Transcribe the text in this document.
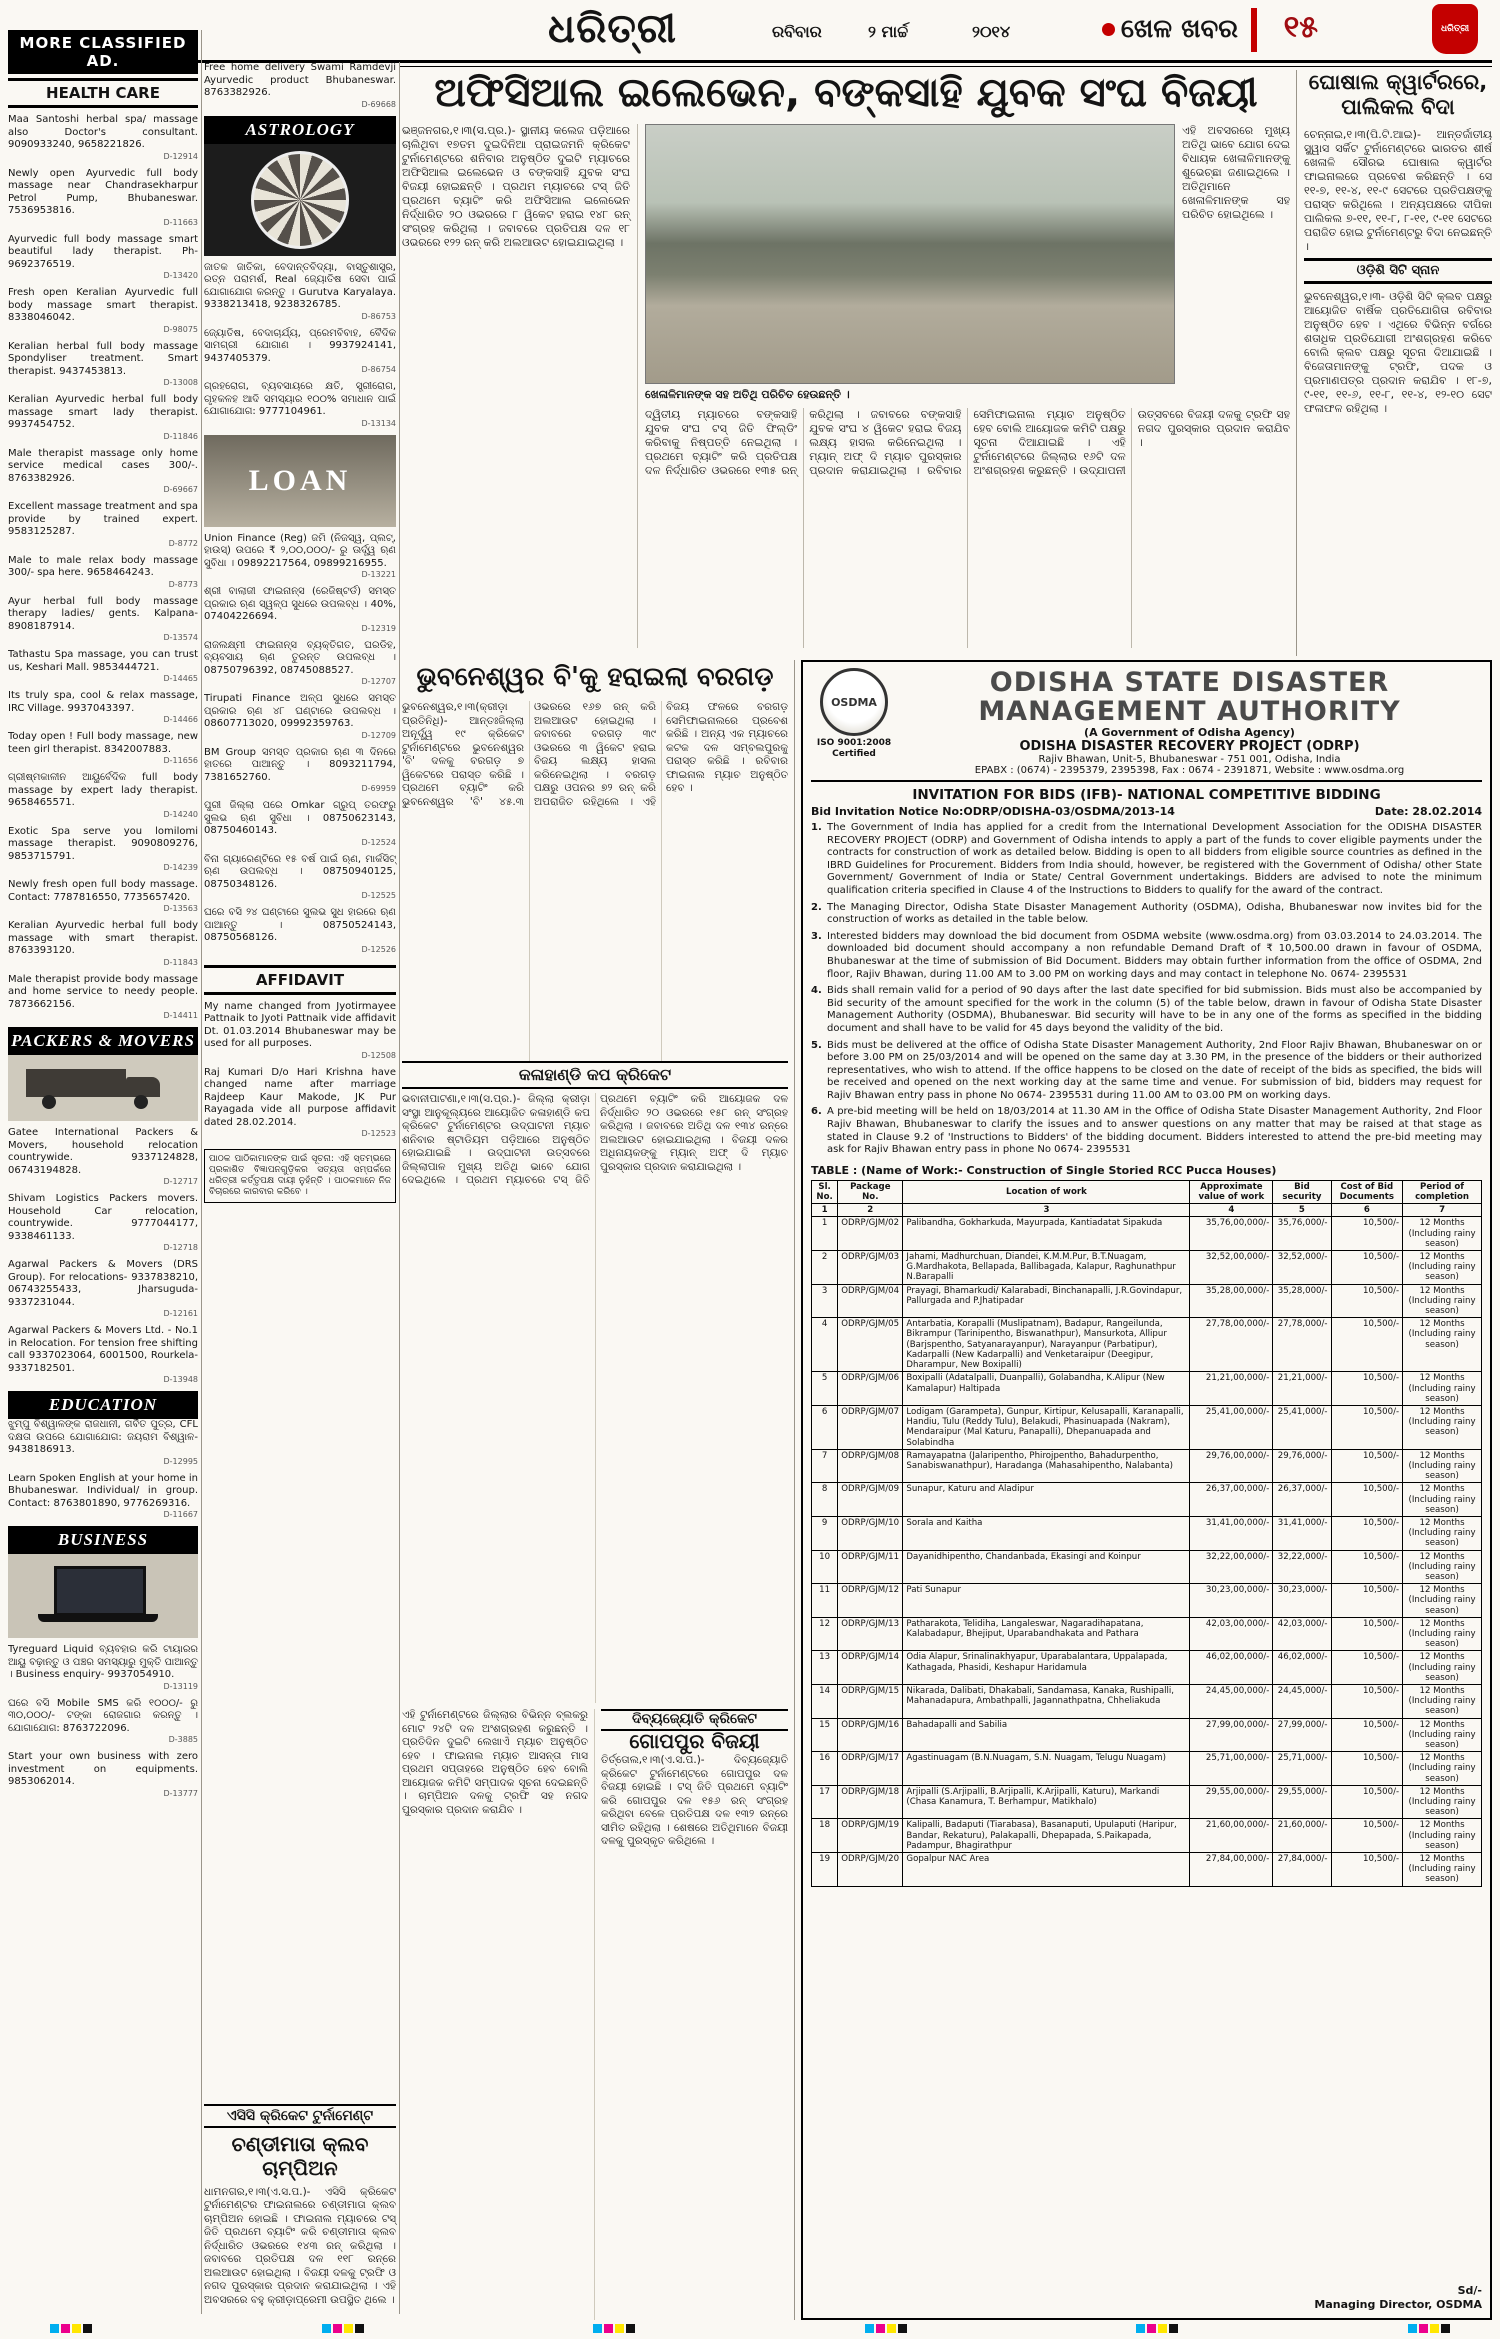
ଧରିତ୍ରୀ	ରବିବାର	୨ ମାର୍ଚ୍ଚ	୨୦୧୪	ଖେଳ ଖବର ୧୫	ଧରିତ୍ରୀ
MORE CLASSIFIED AD.
HEALTH CARE
Maa Santoshi herbal spa/ massage also Doctor's consultant. 9090933240, 9658221826.
D-12914
Newly open Ayurvedic full body massage near Chandrasekharpur Petrol Pump, Bhubaneswar. 7536953816.
D-11663
Ayurvedic full body massage smart beautiful lady therapist. Ph-9692376519.
D-13420
Fresh open Keralian Ayurvedic full body massage smart therapist. 8338046042.
D-98075
Keralian herbal full body massage Spondyliser treatment. Smart therapist. 9437453813.
D-13008
Keralian Ayurvedic herbal full body massage smart lady therapist. 9937454752.
D-11846
Male therapist massage only home service medical cases 300/-. 8763382926.
D-69667
Excellent massage treatment and spa provide by trained expert. 9583125287.
D-8772
Male to male relax body massage 300/- spa here. 9658464243.
D-8773
Ayur herbal full body massage therapy ladies/ gents. Kalpana- 8908187914.
D-13574
Tathastu Spa massage, you can trust us, Keshari Mall. 9853444721.
D-14465
Its truly spa, cool & relax massage, IRC Village. 9937043397.
D-14466
Today open ! Full body massage, new teen girl therapist. 8342007883.
D-11656
ଗ୍ରୀଷ୍ମକାଳୀନ ଆୟୁର୍ବେଦିକ full body massage by expert lady therapist. 9658465571.
D-14240
Exotic Spa serve you lomilomi massage therapist. 9090809276, 9853715791.
D-14239
Newly fresh open full body massage. Contact: 7787816550, 7735657420.
D-13563
Keralian Ayurvedic herbal full body massage with smart therapist. 8763393120.
D-11843
Male therapist provide body massage and home service to needy people. 7873662156.
D-14411
PACKERS & MOVERS
Gatee International Packers & Movers, household relocation countrywide. 9337124828, 06743194828.
D-12717
Shivam Logistics Packers movers. Household Car relocation, countrywide. 9777044177, 9338461133.
D-12718
Agarwal Packers & Movers (DRS Group). For relocations- 9337838210, 06743255433, Jharsuguda- 9337231044.
D-12161
Agarwal Packers & Movers Ltd. - No.1 in Relocation. For tension free shifting call 9337023064, 6001500, Rourkela- 9337182501.
D-13948
EDUCATION
ଝୁମ୍ପୁ ବିଶ୍ୱାଳଙ୍କ ରାଜଧାନୀ, ଗର୍ବିତ ପୁତ୍ର, CFL ଦକ୍ଷତା ଉପରେ ଯୋଗାଯୋଗ: ଜୟରାମ ବିଶ୍ୱାଳ- 9438186913.
D-12995
Learn Spoken English at your home in Bhubaneswar. Individual/ in group. Contact: 8763801890, 9776269316.
D-11667
BUSINESS
Tyreguard Liquid ବ୍ୟବହାର କରି ଟାୟାରର ଆୟୁ ବଢ଼ାନ୍ତୁ ଓ ପଞ୍ଚର ସମସ୍ୟାରୁ ମୁକ୍ତି ପାଆନ୍ତୁ । Business enquiry- 9937054910.
D-13119
ଘରେ ବସି Mobile SMS କରି ୧୦୦୦/- ରୁ ୩୦,୦୦୦/- ଟଙ୍କା ରୋଜଗାର କରନ୍ତୁ । ଯୋଗାଯୋଗ: 8763722096.
D-3885
Start your own business with zero investment on equipments. 9853062014.
D-13777
Free home delivery Swami Ramdevji Ayurvedic product Bhubaneswar. 8763382926.
D-69668
ASTROLOGY
ଜାତକ ଜାତିକା, ବେଦାନ୍ତବିଦ୍ୟା, ବାସ୍ତୁଶାସ୍ତ୍ର, ରତ୍ନ ପରାମର୍ଶ, Real ଜ୍ୟୋତିଷ ସେବା ପାଇଁ ଯୋଗାଯୋଗ କରନ୍ତୁ । Gurutva Karyalaya. 9338213418, 9238326785.
D-86753
ଜ୍ୟୋତିଷ, ବେଦାଚାର୍ଯ୍ୟ, ପ୍ରେମବିବାହ, ବୈଦିକ ସାମଗ୍ରୀ ଯୋଗାଣ । 9937924141, 9437405379.
D-86754
ଗ୍ରହରୋଗ, ବ୍ୟବସାୟରେ କ୍ଷତି, ସ୍ତ୍ରୀରୋଗ, ଗୃହକଳହ ଆଦି ସମସ୍ୟାର ୧୦୦% ସମାଧାନ ପାଇଁ ଯୋଗାଯୋଗ: 9777104961.
D-13134
LOAN
Union Finance (Reg) ଜମି (ନିଜସ୍ୱ, ପ୍ଲଟ୍, ହାଉସ୍) ଉପରେ ₹ ୨,୦୦,୦୦୦/- ରୁ ଊର୍ଦ୍ଧ୍ୱ ଋଣ ସୁବିଧା । 09892217564, 09899216955.
D-13221
ଶ୍ରୀ ବାଲାଜୀ ଫାଇନାନ୍ସ (ରେଜିଷ୍ଟର୍ଡ) ସମସ୍ତ ପ୍ରକାର ଋଣ ସ୍ୱଳ୍ପ ସୁଧରେ ଉପଲବ୍ଧ । 40%, 07404226694.
D-12319
ରାଜଲକ୍ଷ୍ମୀ ଫାଇନାନ୍ସ ବ୍ୟକ୍ତିଗତ, ଘରଡିହ, ବ୍ୟବସାୟ ଋଣ ତୁରନ୍ତ ଉପଲବ୍ଧ । 08750796392, 08745088527.
D-12707
Tirupati Finance ଅଳ୍ପ ସୁଧରେ ସମସ୍ତ ପ୍ରକାର ଋଣ ୪୮ ଘଣ୍ଟାରେ ଉପଲବ୍ଧ । 08607713020, 09992359763.
D-12709
BM Group ସମସ୍ତ ପ୍ରକାର ଋଣ ୩ ଦିନରେ ହାତରେ ପାଆନ୍ତୁ । 8093211794, 7381652760.
D-69959
ପୁରୀ ଜିଲ୍ଲା ପରେ Omkar ଗ୍ରୁପ୍ ତରଫରୁ ସୁଲଭ ଋଣ ସୁବିଧା । 08750623143, 08750460143.
D-12524
ବିନା ଗ୍ୟାରେଣ୍ଟିରେ ୧୫ ବର୍ଷ ପାଇଁ ଋଣ, ମାର୍କସିଟ୍ ଋଣ ଉପଲବ୍ଧ । 08750940125, 08750348126.
D-12525
ଘରେ ବସି ୨୪ ଘଣ୍ଟାରେ ସୁଲଭ ସୁଧ ହାରରେ ଋଣ ପାଆନ୍ତୁ । 08750524143, 08750568126.
D-12526
AFFIDAVIT
My name changed from Jyotirmayee Pattnaik to Jyoti Pattnaik vide affidavit Dt. 01.03.2014 Bhubaneswar may be used for all purposes.
D-12508
Raj Kumari D/o Hari Krishna have changed name after marriage Rajdeep Kaur Makode, JK Pur Rayagada vide all purpose affidavit dated 28.02.2014.
D-12523
ପାଠକ ପାଠିକାମାନଙ୍କ ପାଇଁ ସୂଚନା: ଏହି ସ୍ତମ୍ଭରେ ପ୍ରକାଶିତ ବିଜ୍ଞାପନଗୁଡ଼ିକର ସତ୍ୟତା ସମ୍ପର୍କରେ ଧରିତ୍ରୀ କର୍ତ୍ତୃପକ୍ଷ ଦାୟୀ ନୁହଁନ୍ତି । ପାଠକମାନେ ନିଜ ବିଚାରରେ କାରବାର କରିବେ ।
ଏସିସି କ୍ରିକେଟ ଟୁର୍ନାମେଣ୍ଟ
ଚଣ୍ଡୀମାତା କ୍ଲବ ଚାମ୍ପିଅନ
ଧାମନଗର,୧।୩(ଏ.ସ.ପ.)- ଏସିସି କ୍ରିକେଟ ଟୁର୍ନାମେଣ୍ଟର ଫାଇନାଲରେ ଚଣ୍ଡୀମାତା କ୍ଲବ ଚାମ୍ପିଅନ ହୋଇଛି । ଫାଇନାଲ ମ୍ୟାଚରେ ଟସ୍ ଜିତି ପ୍ରଥମେ ବ୍ୟାଟିଂ କରି ଚଣ୍ଡୀମାତା କ୍ଲବ ନିର୍ଦ୍ଧାରିତ ଓଭରରେ ୧୪୩ ରନ୍ କରିଥିଲା । ଜବାବରେ ପ୍ରତିପକ୍ଷ ଦଳ ୧୧୮ ରନ୍‌ରେ ଅଲଆଉଟ ହୋଇଥିଲା । ବିଜୟୀ ଦଳକୁ ଟ୍ରଫି ଓ ନଗଦ ପୁରସ୍କାର ପ୍ରଦାନ କରାଯାଇଥିଲା । ଏହି ଅବସରରେ ବହୁ କ୍ରୀଡ଼ାପ୍ରେମୀ ଉପସ୍ଥିତ ଥିଲେ ।
ଅଫିସିଆଲ ଇଲେଭେନ, ବଙ୍କସାହି ଯୁବକ ସଂଘ ବିଜୟୀ
ଭଞ୍ଜନଗର,୧।୩(ସ.ପ୍ର.)- ସ୍ଥାନୀୟ କଲେଜ ପଡ଼ିଆରେ ଚାଲିଥିବା ୧୭ତମ ଦୁଇଦିନିଆ ପ୍ରାଇଜମନି କ୍ରିକେଟ ଟୁର୍ନାମେଣ୍ଟରେ ଶନିବାର ଅନୁଷ୍ଠିତ ଦୁଇଟି ମ୍ୟାଚରେ ଅଫିସିଆଲ ଇଲେଭେନ ଓ ବଙ୍କସାହି ଯୁବକ ସଂଘ ବିଜୟୀ ହୋଇଛନ୍ତି । ପ୍ରଥମ ମ୍ୟାଚରେ ଟସ୍ ଜିତି ପ୍ରଥମେ ବ୍ୟାଟିଂ କରି ଅଫିସିଆଲ ଇଲେଭେନ ନିର୍ଦ୍ଧାରିତ ୨୦ ଓଭରରେ ୮ ୱିକେଟ ହରାଇ ୧୪୮ ରନ୍ ସଂଗ୍ରହ କରିଥିଲା । ଜବାବରେ ପ୍ରତିପକ୍ଷ ଦଳ ୧୮ ଓଭରରେ ୧୨୨ ରନ୍ କରି ଅଲଆଉଟ ହୋଇଯାଇଥିଲା ।
ଏହି ଅବସରରେ ମୁଖ୍ୟ ଅତିଥି ଭାବେ ଯୋଗ ଦେଇ ବିଧାୟକ ଖେଳାଳିମାନଙ୍କୁ ଶୁଭେଚ୍ଛା ଜଣାଇଥିଲେ । ଅତିଥିମାନେ ଖେଳାଳିମାନଙ୍କ ସହ ପରିଚିତ ହୋଇଥିଲେ ।
ଖେଳାଳିମାନଙ୍କ ସହ ଅତିଥି ପରିଚିତ ହେଉଛନ୍ତି ।
ଦ୍ୱିତୀୟ ମ୍ୟାଚରେ ବଙ୍କସାହି ଯୁବକ ସଂଘ ଟସ୍ ଜିତି ଫିଲ୍ଡିଂ କରିବାକୁ ନିଷ୍ପତ୍ତି ନେଇଥିଲା । ପ୍ରଥମେ ବ୍ୟାଟିଂ କରି ପ୍ରତିପକ୍ଷ ଦଳ ନିର୍ଦ୍ଧାରିତ ଓଭରରେ ୧୩୫ ରନ୍ କରିଥିଲା । ଜବାବରେ ବଙ୍କସାହି ଯୁବକ ସଂଘ ୪ ୱିକେଟ ହରାଇ ବିଜୟ ଲକ୍ଷ୍ୟ ହାସଲ କରିନେଇଥିଲା । ମ୍ୟାନ୍ ଅଫ୍ ଦି ମ୍ୟାଚ ପୁରସ୍କାର ପ୍ରଦାନ କରାଯାଇଥିଲା । ରବିବାର ସେମିଫାଇନାଲ ମ୍ୟାଚ ଅନୁଷ୍ଠିତ ହେବ ବୋଲି ଆୟୋଜକ କମିଟି ପକ୍ଷରୁ ସୂଚନା ଦିଆଯାଇଛି । ଏହି ଟୁର୍ନାମେଣ୍ଟରେ ଜିଲ୍ଲାର ୧୬ଟି ଦଳ ଅଂଶଗ୍ରହଣ କରୁଛନ୍ତି । ଉଦ୍‌ଯାପନୀ ଉତ୍ସବରେ ବିଜୟୀ ଦଳକୁ ଟ୍ରଫି ସହ ନଗଦ ପୁରସ୍କାର ପ୍ରଦାନ କରାଯିବ ।
ଘୋଷାଲ କ୍ୱାର୍ଟରରେ, ପାଲିକଲ ବିଦା
ଚେନ୍ନାଇ,୧।୩(ପି.ଟି.ଆଇ)- ଆନ୍ତର୍ଜାତୀୟ ସ୍କ୍ୱାସ ସର୍କିଟ ଟୁର୍ନାମେଣ୍ଟରେ ଭାରତର ଶୀର୍ଷ ଖେଳାଳି ସୌରଭ ଘୋଷାଲ କ୍ୱାର୍ଟର ଫାଇନାଲରେ ପ୍ରବେଶ କରିଛନ୍ତି । ସେ ୧୧-୭, ୧୧-୪, ୧୧-୯ ସେଟରେ ପ୍ରତିପକ୍ଷଙ୍କୁ ପରାସ୍ତ କରିଥିଲେ । ଅନ୍ୟପକ୍ଷରେ ଦୀପିକା ପାଲିକଲ ୭-୧୧, ୧୧-୮, ୮-୧୧, ୯-୧୧ ସେଟରେ ପରାଜିତ ହୋଇ ଟୁର୍ନାମେଣ୍ଟରୁ ବିଦା ନେଇଛନ୍ତି ।
ଓଡ଼ିଶି ସିଟି ସ୍ନାନ
ଭୁବନେଶ୍ୱର,୧।୩- ଓଡ଼ିଶି ସିଟି କ୍ଲବ ପକ୍ଷରୁ ଆୟୋଜିତ ବାର୍ଷିକ ପ୍ରତିଯୋଗିତା ରବିବାର ଅନୁଷ୍ଠିତ ହେବ । ଏଥିରେ ବିଭିନ୍ନ ବର୍ଗରେ ଶତାଧିକ ପ୍ରତିଯୋଗୀ ଅଂଶଗ୍ରହଣ କରିବେ ବୋଲି କ୍ଲବ ପକ୍ଷରୁ ସୂଚନା ଦିଆଯାଇଛି । ବିଜେତାମାନଙ୍କୁ ଟ୍ରଫି, ପଦକ ଓ ପ୍ରମାଣପତ୍ର ପ୍ରଦାନ କରାଯିବ । ୧୮-୭, ୯-୧୧, ୧୧-୬, ୧୧-୮, ୧୧-୪, ୧୨-୧୦ ସେଟ ଫଳାଫଳ ରହିଥିଲା ।
ଭୁବନେଶ୍ୱର ବି'କୁ ହରାଇଲା ବରଗଡ଼
ଭୁବନେଶ୍ୱର,୧।୩(କ୍ରୀଡ଼ା ପ୍ରତିନିଧି)- ଆନ୍ତଃଜିଲ୍ଲା ଅନୂର୍ଦ୍ଧ୍ୱ ୧୯ କ୍ରିକେଟ ଟୁର୍ନାମେଣ୍ଟରେ ଭୁବନେଶ୍ୱର 'ବି' ଦଳକୁ ବରଗଡ଼ ୭ ୱିକେଟରେ ପରାସ୍ତ କରିଛି । ପ୍ରଥମେ ବ୍ୟାଟିଂ କରି ଭୁବନେଶ୍ୱର 'ବି' ୪୫.୩ ଓଭରରେ ୧୬୭ ରନ୍ କରି ଅଲଆଉଟ ହୋଇଥିଲା । ଜବାବରେ ବରଗଡ଼ ୩୯ ଓଭରରେ ୩ ୱିକେଟ ହରାଇ ବିଜୟ ଲକ୍ଷ୍ୟ ହାସଲ କରିନେଇଥିଲା । ବରଗଡ଼ ପକ୍ଷରୁ ଓପନର ୭୨ ରନ୍ କରି ଅପରାଜିତ ରହିଥିଲେ । ଏହି ବିଜୟ ଫଳରେ ବରଗଡ଼ ସେମିଫାଇନାଲରେ ପ୍ରବେଶ କରିଛି । ଅନ୍ୟ ଏକ ମ୍ୟାଚରେ କଟକ ଦଳ ସମ୍ବଲପୁରକୁ ପରାସ୍ତ କରିଛି । ରବିବାର ଫାଇନାଲ ମ୍ୟାଚ ଅନୁଷ୍ଠିତ ହେବ ।
କଳାହାଣ୍ଡି କପ କ୍ରିକେଟ
ଭବାନୀପାଟଣା,୧।୩(ସ.ପ୍ର.)- ଜିଲ୍ଲା କ୍ରୀଡ଼ା ସଂସ୍ଥା ଆନୁକୂଲ୍ୟରେ ଆୟୋଜିତ କଳାହାଣ୍ଡି କପ କ୍ରିକେଟ ଟୁର୍ନାମେଣ୍ଟର ଉଦ୍‌ଘାଟନୀ ମ୍ୟାଚ ଶନିବାର ଷ୍ଟାଡିୟମ ପଡ଼ିଆରେ ଅନୁଷ୍ଠିତ ହୋଇଯାଇଛି । ଉଦ୍‌ଘାଟନୀ ଉତ୍ସବରେ ଜିଲ୍ଲାପାଳ ମୁଖ୍ୟ ଅତିଥି ଭାବେ ଯୋଗ ଦେଇଥିଲେ । ପ୍ରଥମ ମ୍ୟାଚରେ ଟସ୍ ଜିତି ପ୍ରଥମେ ବ୍ୟାଟିଂ କରି ଆୟୋଜକ ଦଳ ନିର୍ଦ୍ଧାରିତ ୨୦ ଓଭରରେ ୧୫୮ ରନ୍ ସଂଗ୍ରହ କରିଥିଲା । ଜବାବରେ ଅତିଥି ଦଳ ୧୩୪ ରନ୍‌ରେ ଅଲଆଉଟ ହୋଇଯାଇଥିଲା । ବିଜୟୀ ଦଳର ଅଧିନାୟକଙ୍କୁ ମ୍ୟାନ୍ ଅଫ୍ ଦି ମ୍ୟାଚ ପୁରସ୍କାର ପ୍ରଦାନ କରାଯାଇଥିଲା ।
ଏହି ଟୁର୍ନାମେଣ୍ଟରେ ଜିଲ୍ଲାର ବିଭିନ୍ନ ବ୍ଲକରୁ ମୋଟ ୨୪ଟି ଦଳ ଅଂଶଗ୍ରହଣ କରୁଛନ୍ତି । ପ୍ରତିଦିନ ଦୁଇଟି ଲେଖାଏଁ ମ୍ୟାଚ ଅନୁଷ୍ଠିତ ହେବ । ଫାଇନାଲ ମ୍ୟାଚ ଆସନ୍ତା ମାସ ପ୍ରଥମ ସପ୍ତାହରେ ଅନୁଷ୍ଠିତ ହେବ ବୋଲି ଆୟୋଜକ କମିଟି ସମ୍ପାଦକ ସୂଚନା ଦେଇଛନ୍ତି । ଚାମ୍ପିଅନ ଦଳକୁ ଟ୍ରଫି ସହ ନଗଦ ପୁରସ୍କାର ପ୍ରଦାନ କରାଯିବ ।
ଦିବ୍ୟଜ୍ୟୋତି କ୍ରିକେଟ
ଗୋପପୁର ବିଜୟୀ
ତିର୍ତ୍ତୋଲ,୧।୩(ଏ.ସ.ପ.)- ଦିବ୍ୟଜ୍ୟୋତି କ୍ରିକେଟ ଟୁର୍ନାମେଣ୍ଟରେ ଗୋପପୁର ଦଳ ବିଜୟୀ ହୋଇଛି । ଟସ୍ ଜିତି ପ୍ରଥମେ ବ୍ୟାଟିଂ କରି ଗୋପପୁର ଦଳ ୧୫୬ ରନ୍ ସଂଗ୍ରହ କରିଥିବା ବେଳେ ପ୍ରତିପକ୍ଷ ଦଳ ୧୩୨ ରନ୍‌ରେ ସୀମିତ ରହିଥିଲା । ଶେଷରେ ଅତିଥିମାନେ ବିଜୟୀ ଦଳକୁ ପୁରସ୍କୃତ କରିଥିଲେ ।
OSDMA
ISO 9001:2008
Certified
ODISHA STATE DISASTER MANAGEMENT AUTHORITY
(A Government of Odisha Agency)
ODISHA DISASTER RECOVERY PROJECT (ODRP)
Rajiv Bhawan, Unit-5, Bhubaneswar - 751 001, Odisha, India
EPABX : (0674) - 2395379, 2395398, Fax : 0674 - 2391871, Website : www.osdma.org
INVITATION FOR BIDS (IFB)- NATIONAL COMPETITIVE BIDDING
Bid Invitation Notice No:ODRP/ODISHA-03/OSDMA/2013-14	Date: 28.02.2014
1. The Government of India has applied for a credit from the International Development Association for the ODISHA DISASTER RECOVERY PROJECT (ODRP) and Government of Odisha intends to apply a part of the funds to cover eligible payments under the contracts for construction of work as detailed below. Bidding is open to all bidders from eligible source countries as defined in the IBRD Guidelines for Procurement. Bidders from India should, however, be registered with the Government of Odisha/ other State Government/ Government of India or State/ Central Government undertakings. Bidders are advised to note the minimum qualification criteria specified in Clause 4 of the Instructions to Bidders to qualify for the award of the contract.
2. The Managing Director, Odisha State Disaster Management Authority (OSDMA), Odisha, Bhubaneswar now invites bid for the construction of works as detailed in the table below.
3. Interested bidders may download the bid document from OSDMA website (www.osdma.org) from 03.03.2014 to 24.03.2014. The downloaded bid document should accompany a non refundable Demand Draft of ₹ 10,500.00 drawn in favour of OSDMA, Bhubaneswar at the time of submission of Bid Document. Bidders may obtain further information from the office of OSDMA, 2nd floor, Rajiv Bhawan, during 11.00 AM to 3.00 PM on working days and may contact in telephone No. 0674- 2395531
4. Bids shall remain valid for a period of 90 days after the last date specified for bid submission. Bids must also be accompanied by Bid security of the amount specified for the work in the column (5) of the table below, drawn in favour of Odisha State Disaster Management Authority (OSDMA), Bhubaneswar. Bid security will have to be in any one of the forms as specified in the bidding document and shall have to be valid for 45 days beyond the validity of the bid.
5. Bids must be delivered at the office of Odisha State Disaster Management Authority, 2nd Floor Rajiv Bhawan, Bhubaneswar on or before 3.00 PM on 25/03/2014 and will be opened on the same day at 3.30 PM, in the presence of the bidders or their authorized representatives, who wish to attend. If the office happens to be closed on the date of receipt of the bids as specified, the bids will be received and opened on the next working day at the same time and venue. For submission of bid, bidders may request for Rajiv Bhawan entry pass in phone No 0674- 2395531 during 11.00 AM to 03.00 PM on working days.
6. A pre-bid meeting will be held on 18/03/2014 at 11.30 AM in the Office of Odisha State Disaster Management Authority, 2nd Floor Rajiv Bhawan, Bhubaneswar to clarify the issues and to answer questions on any matter that may be raised at that stage as stated in Clause 9.2 of 'Instructions to Bidders' of the bidding document. Bidders interested to attend the pre-bid meeting may ask for Rajiv Bhawan entry pass in phone No 0674- 2395531
TABLE : (Name of Work:- Construction of Single Storied RCC Pucca Houses)
Sl. No.	Package No.	Location of work	Approximate value of work	Bid security	Cost of Bid Documents	Period of completion
1	2	3	4	5	6	7
1	ODRP/GJM/02	Palibandha, Gokharkuda, Mayurpada, Kantiadatat Sipakuda	35,76,00,000/-	35,76,000/-	10,500/-	12 Months (Including rainy season)
2	ODRP/GJM/03	Jahami, Madhurchuan, Diandei, K.M.M.Pur, B.T.Nuagam, G.Mardhakota, Bellapada, Ballibagada, Kalapur, Raghunathpur N.Barapalli	32,52,00,000/-	32,52,000/-	10,500/-	12 Months (Including rainy season)
3	ODRP/GJM/04	Prayagi, Bhamarkudi/ Kalarabadi, Binchanapalli, J.R.Govindapur, Pallurgada and P.Jhatipadar	35,28,00,000/-	35,28,000/-	10,500/-	12 Months (Including rainy season)
4	ODRP/GJM/05	Antarbatia, Korapalli (Muslipatnam), Badapur, Rangeilunda, Bikrampur (Tarinipentho, Biswanathpur), Mansurkota, Allipur (Barjspentho, Satyanarayanpur), Narayanpur (Parbatipur), Kadarpalli (New Kadarpalli) and Venketaraipur (Deegipur, Dharampur, New Boxipalli)	27,78,00,000/-	27,78,000/-	10,500/-	12 Months (Including rainy season)
5	ODRP/GJM/06	Boxipalli (Adatalpalli, Duanpalli), Golabandha, K.Alipur (New Kamalapur) Haltipada	21,21,00,000/-	21,21,000/-	10,500/-	12 Months (Including rainy season)
6	ODRP/GJM/07	Lodigam (Garampeta), Gunpur, Kirtipur, Kelusapalli, Karanapalli, Handiu, Tulu (Reddy Tulu), Belakudi, Phasinuapada (Nakram), Mendaraipur (Mal Katuru, Panapalli), Dhepanuapada and Solabindha	25,41,00,000/-	25,41,000/-	10,500/-	12 Months (Including rainy season)
7	ODRP/GJM/08	Ramayapatna (Jalaripentho, Phirojpentho, Bahadurpentho, Sanabiswanathpur), Haradanga (Mahasahipentho, Nalabanta)	29,76,00,000/-	29,76,000/-	10,500/-	12 Months (Including rainy season)
8	ODRP/GJM/09	Sunapur, Katuru and Aladipur	26,37,00,000/-	26,37,000/-	10,500/-	12 Months (Including rainy season)
9	ODRP/GJM/10	Sorala and Kaitha	31,41,00,000/-	31,41,000/-	10,500/-	12 Months (Including rainy season)
10	ODRP/GJM/11	Dayanidhipentho, Chandanbada, Ekasingi and Koinpur	32,22,00,000/-	32,22,000/-	10,500/-	12 Months (Including rainy season)
11	ODRP/GJM/12	Pati Sunapur	30,23,00,000/-	30,23,000/-	10,500/-	12 Months (Including rainy season)
12	ODRP/GJM/13	Patharakota, Telidiha, Langaleswar, Nagaradihapatana, Kalabadapur, Bhejiput, Uparabandhakata and Pathara	42,03,00,000/-	42,03,000/-	10,500/-	12 Months (Including rainy season)
13	ODRP/GJM/14	Odia Alapur, Srinalinakhyapur, Uparabalantara, Uppalapada, Kathagada, Phasidi, Keshapur Haridamula	46,02,00,000/-	46,02,000/-	10,500/-	12 Months (Including rainy season)
14	ODRP/GJM/15	Nikarada, Dalibati, Dhakabali, Sandamasa, Kanaka, Rushipalli, Mahanadapura, Ambathpalli, Jagannathpatna, Chheliakuda	24,45,00,000/-	24,45,000/-	10,500/-	12 Months (Including rainy season)
15	ODRP/GJM/16	Bahadapalli and Sabilia	27,99,00,000/-	27,99,000/-	10,500/-	12 Months (Including rainy season)
16	ODRP/GJM/17	Agastinuagam (B.N.Nuagam, S.N. Nuagam, Telugu Nuagam)	25,71,00,000/-	25,71,000/-	10,500/-	12 Months (Including rainy season)
17	ODRP/GJM/18	Arjipalli (S.Arjipalli, B.Arjipalli, K.Arjipalli, Katuru), Markandi (Chasa Kanamura, T. Berhampur, Matikhalo)	29,55,00,000/-	29,55,000/-	10,500/-	12 Months (Including rainy season)
18	ODRP/GJM/19	Kalipalli, Badaputi (Tiarabasa), Basanaputi, Upulaputi (Haripur, Bandar, Rekaturu), Palakapalli, Dhepapada, S.Paikapada, Padampur, Bhagirathpur	21,60,00,000/-	21,60,000/-	10,500/-	12 Months (Including rainy season)
19	ODRP/GJM/20	Gopalpur NAC Area	27,84,00,000/-	27,84,000/-	10,500/-	12 Months (Including rainy season)
Sd/-
Managing Director, OSDMA
